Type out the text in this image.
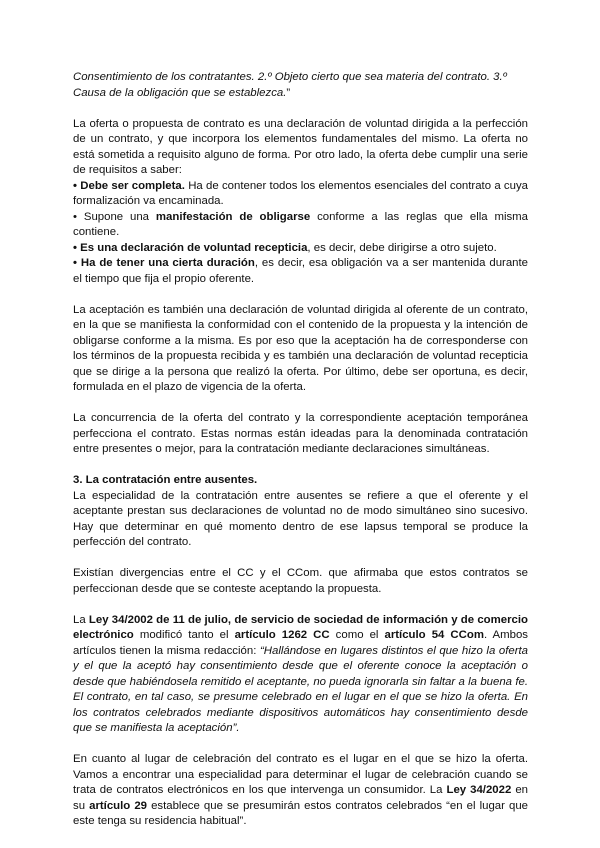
Consentimiento de los contratantes. 2.º Objeto cierto que sea materia del contrato. 3.º Causa de la obligación que se establezca.”

La oferta o propuesta de contrato es una declaración de voluntad dirigida a la perfección de un contrato, y que incorpora los elementos fundamentales del mismo. La oferta no está sometida a requisito alguno de forma. Por otro lado, la oferta debe cumplir una serie de requisitos a saber:

• Debe ser completa. Ha de contener todos los elementos esenciales del contrato a cuya formalización va encaminada.

• Supone una manifestación de obligarse conforme a las reglas que ella misma contiene.

• Es una declaración de voluntad recepticia, es decir, debe dirigirse a otro sujeto.

• Ha de tener una cierta duración, es decir, esa obligación va a ser mantenida durante el tiempo que fija el propio oferente.

La aceptación es también una declaración de voluntad dirigida al oferente de un contrato, en la que se manifiesta la conformidad con el contenido de la propuesta y la intención de obligarse conforme a la misma. Es por eso que la aceptación ha de corresponderse con los términos de la propuesta recibida y es también una declaración de voluntad recepticia que se dirige a la persona que realizó la oferta. Por último, debe ser oportuna, es decir, formulada en el plazo de vigencia de la oferta.

La concurrencia de la oferta del contrato y la correspondiente aceptación temporánea perfecciona el contrato. Estas normas están ideadas para la denominada contratación entre presentes o mejor, para la contratación mediante declaraciones simultáneas.

3. La contratación entre ausentes.

La especialidad de la contratación entre ausentes se refiere a que el oferente y el aceptante prestan sus declaraciones de voluntad no de modo simultáneo sino sucesivo. Hay que determinar en qué momento dentro de ese lapsus temporal se produce la perfección del contrato.

Existían divergencias entre el CC y el CCom. que afirmaba que estos contratos se perfeccionan desde que se conteste aceptando la propuesta.

La Ley 34/2002 de 11 de julio, de servicio de sociedad de información y de comercio electrónico modificó tanto el artículo 1262 CC como el artículo 54 CCom. Ambos artículos tienen la misma redacción: “Hallándose en lugares distintos el que hizo la oferta y el que la aceptó hay consentimiento desde que el oferente conoce la aceptación o desde que habiéndosela remitido el aceptante, no pueda ignorarla sin faltar a la buena fe. El contrato, en tal caso, se presume celebrado en el lugar en el que se hizo la oferta. En los contratos celebrados mediante dispositivos automáticos hay consentimiento desde que se manifiesta la aceptación”.

En cuanto al lugar de celebración del contrato es el lugar en el que se hizo la oferta. Vamos a encontrar una especialidad para determinar el lugar de celebración cuando se trata de contratos electrónicos en los que intervenga un consumidor. La Ley 34/2022 en su artículo 29 establece que se presumirán estos contratos celebrados “en el lugar que este tenga su residencia habitual”.
